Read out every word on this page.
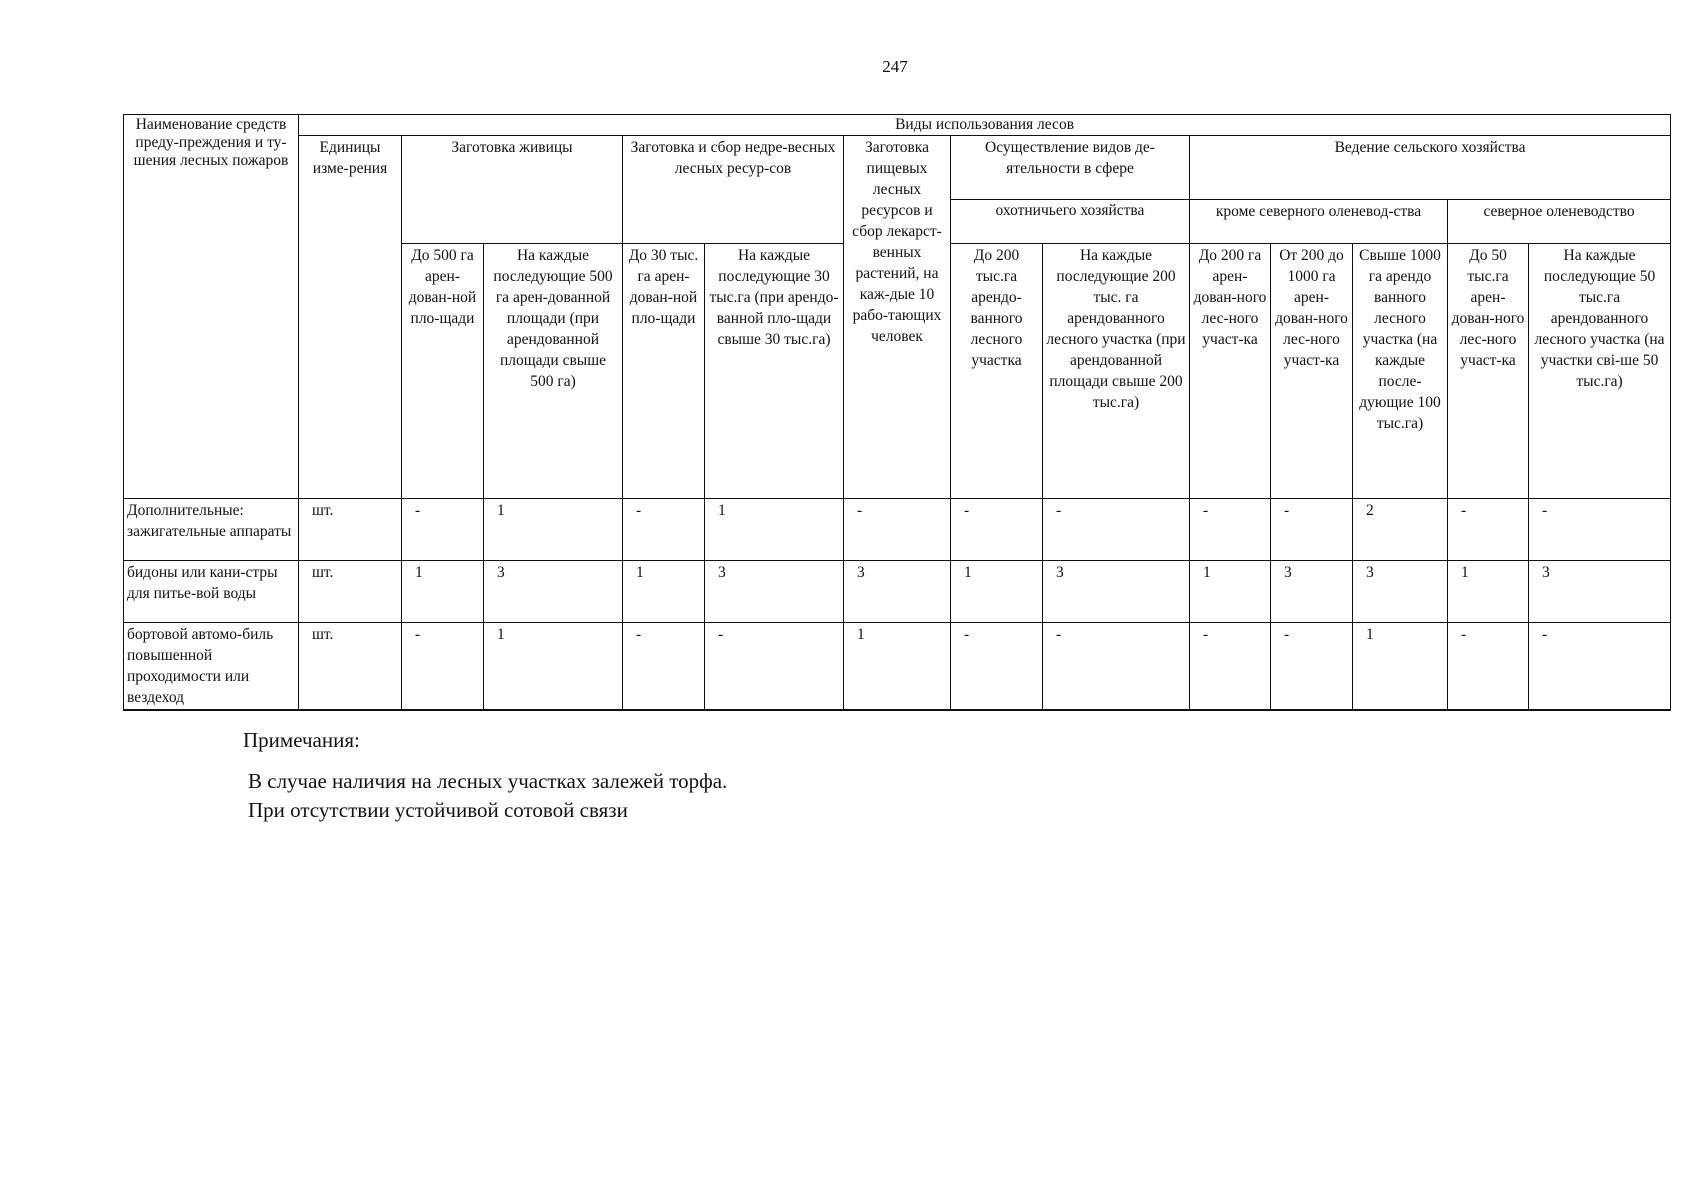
247
Наименование средств преду-преждения и ту-шения лесных пожаров	Виды использования лесов												
	Единицы изме-рения	Заготовка живицы		Заготовка и сбор недре-весных лесных ресур-сов		Заготовка пищевых лесных ресурсов и сбор лекарст-венных растений, на каж-дые 10 рабо-тающих человек	Осуществление видов де-ятельности в сфере		Ведение сельского хозяйства				
							охотничьего хозяйства		кроме северного оленевод-ства			северное оленеводство	
		До 500 га арен-дован-ной пло-щади	На каждые последующие 500 га арен-дованной площади (при арендованной площади свыше 500 га)	До 30 тыс. га арен-дован-ной пло-щади	На каждые последующие 30 тыс.га (при арендо-ванной пло-щади свыше 30 тыс.га)		До 200 тыс.га арендо-ванного лесного участка	На каждые последующие 200 тыс. га арендованного лесного участка (при арендованной площади свыше 200 тыс.га)	До 200 га арен-дован-ного лес-ного участ-ка	От 200 до 1000 га арен-дован-ного лес-ного участ-ка	Свыше 1000 га арендо ванного лесного участка (на каждые после-дующие 100 тыс.га)	До 50 тыс.га арен-дован-ного лес-ного участ-ка	На каждые последующие 50 тыс.га арендованного лесного участка (на участки сві-ше 50 тыс.га)
Дополнительные: зажигательные аппараты	шт.	-	1	-	1	-	-	-	-	-	2	-	-
бидоны или кани-стры для питье-вой воды	шт.	1	3	1	3	3	1	3	1	3	3	1	3
бортовой автомо-биль повышенной проходимости или вездеход	шт.	-	1	-	-	1	-	-	-	-	1	-	-
Примечания:
В случае наличия на лесных участках залежей торфа.
При отсутствии устойчивой сотовой связи
